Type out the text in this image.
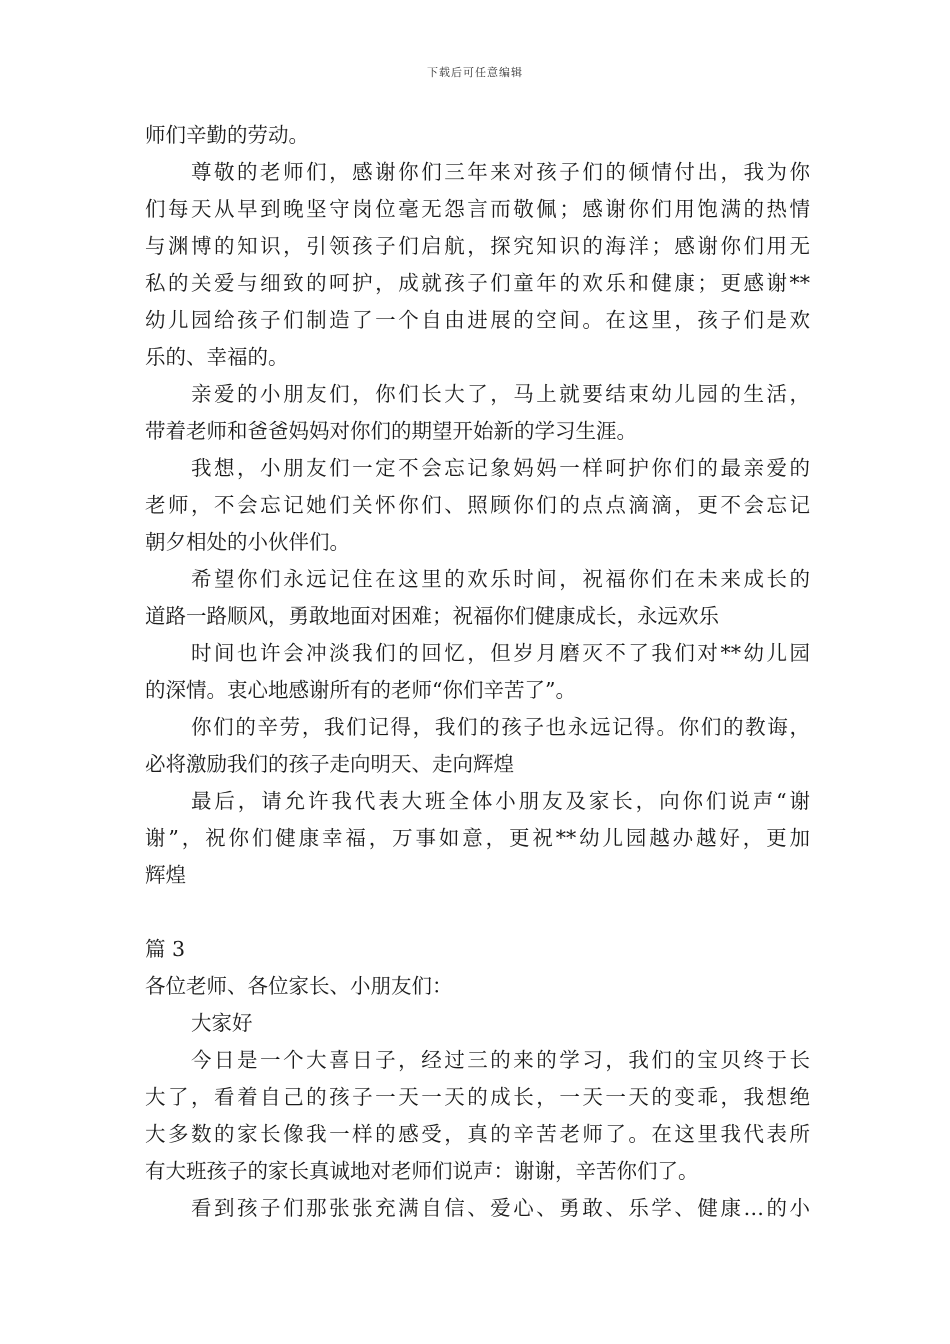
下载后可任意编辑
师们辛勤的劳动。
尊敬的老师们，感谢你们三年来对孩子们的倾情付出，我为你
们每天从早到晚坚守岗位毫无怨言而敬佩；感谢你们用饱满的热情
与渊博的知识，引领孩子们启航，探究知识的海洋；感谢你们用无
私的关爱与细致的呵护，成就孩子们童年的欢乐和健康；更感谢**
幼儿园给孩子们制造了一个自由进展的空间。在这里，孩子们是欢
乐的、幸福的。
亲爱的小朋友们，你们长大了，马上就要结束幼儿园的生活，
带着老师和爸爸妈妈对你们的期望开始新的学习生涯。
我想，小朋友们一定不会忘记象妈妈一样呵护你们的最亲爱的
老师，不会忘记她们关怀你们、照顾你们的点点滴滴，更不会忘记
朝夕相处的小伙伴们。
希望你们永远记住在这里的欢乐时间，祝福你们在未来成长的
道路一路顺风，勇敢地面对困难；祝福你们健康成长，永远欢乐
时间也许会冲淡我们的回忆，但岁月磨灭不了我们对**幼儿园
的深情。衷心地感谢所有的老师“你们辛苦了”。
你们的辛劳，我们记得，我们的孩子也永远记得。你们的教诲，
必将激励我们的孩子走向明天、走向辉煌
最后，请允许我代表大班全体小朋友及家长，向你们说声“谢
谢”，祝你们健康幸福，万事如意，更祝**幼儿园越办越好，更加
辉煌
篇 3
各位老师、各位家长、小朋友们：
大家好
今日是一个大喜日子，经过三的来的学习，我们的宝贝终于长
大了，看着自己的孩子一天一天的成长，一天一天的变乖，我想绝
大多数的家长像我一样的感受，真的辛苦老师了。在这里我代表所
有大班孩子的家长真诚地对老师们说声：谢谢，辛苦你们了。
看到孩子们那张张充满自信、爱心、勇敢、乐学、健康…的小
